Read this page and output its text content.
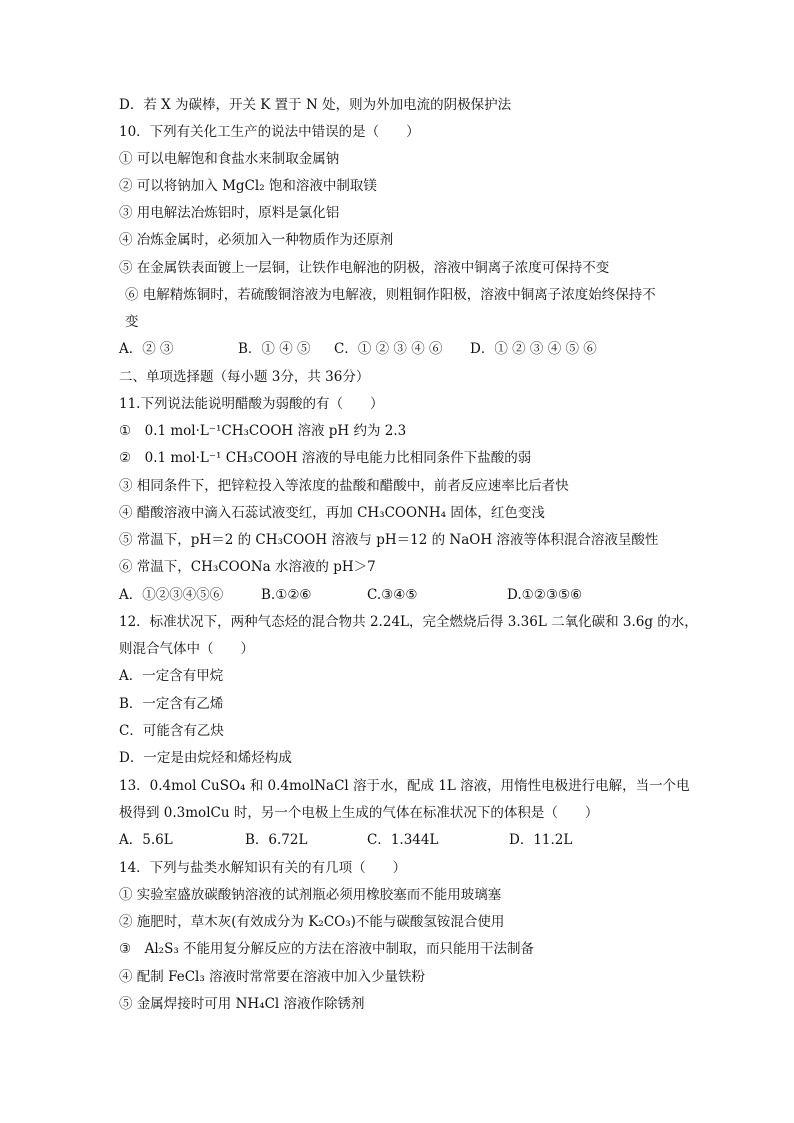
D．若 X 为碳棒，开关 K 置于 N 处，则为外加电流的阴极保护法
10．下列有关化工生产的说法中错误的是（　　）
① 可以电解饱和食盐水来制取金属钠
② 可以将钠加入 MgCl₂ 饱和溶液中制取镁
③ 用电解法冶炼铝时，原料是氯化铝
④ 冶炼金属时，必须加入一种物质作为还原剂
⑤ 在金属铁表面镀上一层铜，让铁作电解池的阴极，溶液中铜离子浓度可保持不变
⑥ 电解精炼铜时，若硫酸铜溶液为电解液，则粗铜作阳极，溶液中铜离子浓度始终保持不
变
A．② ③	B．① ④ ⑤	C．① ② ③ ④ ⑥	D．① ② ③ ④ ⑤ ⑥
二、单项选择题（每小题 3分，共 36分）
11.下列说法能说明醋酸为弱酸的有（　　）
①　0.1 mol·L⁻¹CH₃COOH 溶液 pH 约为 2.3
②　0.1 mol·L⁻¹ CH₃COOH 溶液的导电能力比相同条件下盐酸的弱
③ 相同条件下，把锌粒投入等浓度的盐酸和醋酸中，前者反应速率比后者快
④ 醋酸溶液中滴入石蕊试液变红，再加 CH₃COONH₄ 固体，红色变浅
⑤ 常温下，pH＝2 的 CH₃COOH 溶液与 pH＝12 的 NaOH 溶液等体积混合溶液呈酸性
⑥ 常温下，CH₃COONa 水溶液的 pH＞7
A．①②③④⑤⑥	B.①②⑥	C.③④⑤	D.①②③⑤⑥
12．标准状况下，两种气态烃的混合物共 2.24L，完全燃烧后得 3.36L 二氧化碳和 3.6g 的水，
则混合气体中（　　）
A．一定含有甲烷
B．一定含有乙烯
C．可能含有乙炔
D．一定是由烷烃和烯烃构成
13．0.4mol CuSO₄ 和 0.4molNaCl 溶于水，配成 1L 溶液，用惰性电极进行电解，当一个电
极得到 0.3molCu 时，另一个电极上生成的气体在标准状况下的体积是（　　）
A．5.6L	B．6.72L	C．1.344L	D．11.2L
14．下列与盐类水解知识有关的有几项（　　）
① 实验室盛放碳酸钠溶液的试剂瓶必须用橡胶塞而不能用玻璃塞
② 施肥时，草木灰(有效成分为 K₂CO₃)不能与碳酸氢铵混合使用
③　Al₂S₃ 不能用复分解反应的方法在溶液中制取，而只能用干法制备
④ 配制 FeCl₃ 溶液时常常要在溶液中加入少量铁粉
⑤ 金属焊接时可用 NH₄Cl 溶液作除锈剂
